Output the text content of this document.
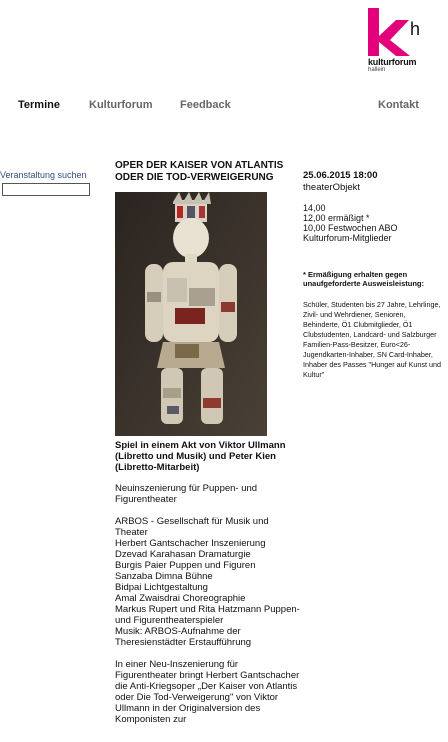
h
kulturforum
hallein
Termine	Kulturforum Feedback	Kontakt
Veranstaltung suchen
OPER DER KAISER VON ATLANTIS ODER DIE TOD-VERWEIGERUNG
Spiel in einem Akt von Viktor Ullmann (Libretto und Musik) und Peter Kien (Libretto-Mitarbeit)

Neuinszenierung für Puppen- und Figurentheater

ARBOS - Gesellschaft für Musik und Theater
Herbert Gantschacher Inszenierung
Dzevad Karahasan Dramaturgie
Burgis Paier Puppen und Figuren
Sanzaba Dimna Bühne
Bidpai Lichtgestaltung
Amal Zwaisdrai Choreographie
Markus Rupert und Rita Hatzmann Puppen- und Figurentheaterspieler
Musik: ARBOS-Aufnahme der Theresienstädter Erstaufführung

In einer Neu-Inszenierung für Figurentheater bringt Herbert Gantschacher die Anti-Kriegsoper „Der Kaiser von Atlantis oder Die Tod-Verweigerung" von Viktor Ullmann in der Originalversion des Komponisten zur

25.06.2015 18:00
theaterObjekt
14,00
12,00 ermäßigt *
10,00 Festwochen ABO
Kulturforum-Mitglieder
* Ermäßigung erhalten gegen unaufgeforderte Ausweisleistung:
Schüler, Studenten bis 27 Jahre, Lehrlinge, Zivil- und Wehrdiener, Senioren, Behinderte, Ö1 Clubmitglieder, Ö1 Clubstudenten, Landcard- und Salzburger Familien-Pass-Besitzer, Euro<26-Jugendkarten-Inhaber, SN Card-Inhaber, Inhaber des Passes "Hunger auf Kunst und Kultur"
